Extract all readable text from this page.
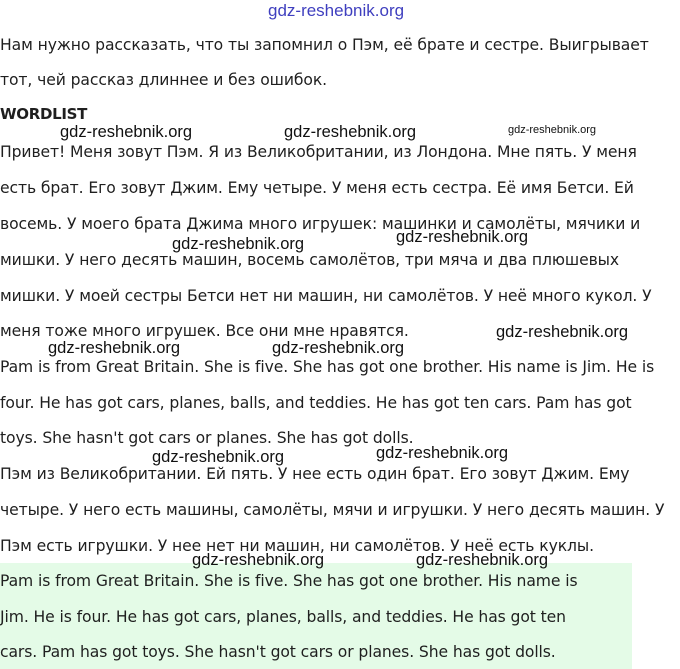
gdz-reshebnik.org

Нам нужно рассказать, что ты запомнил о Пэм, её брате и сестре. Выигрывает

тот, чей рассказ длиннее и без ошибок.

WORDLIST

Привет! Меня зовут Пэм. Я из Великобритании, из Лондона. Мне пять. У меня

есть брат. Его зовут Джим. Ему четыре. У меня есть сестра. Её имя Бетси. Ей

восемь. У моего брата Джима много игрушек: машинки и самолёты, мячики и

мишки. У него десять машин, восемь самолётов, три мяча и два плюшевых

мишки. У моей сестры Бетси нет ни машин, ни самолётов. У неё много кукол. У

меня тоже много игрушек. Все они мне нравятся.

Pam is from Great Britain. She is five. She has got one brother. His name is Jim. He is

four. He has got cars, planes, balls, and teddies. He has got ten cars. Pam has got

toys. She hasn't got cars or planes. She has got dolls.

Пэм из Великобритании. Ей пять. У нее есть один брат. Его зовут Джим. Ему

четыре. У него есть машины, самолёты, мячи и игрушки. У него десять машин. У

Пэм есть игрушки. У нее нет ни машин, ни самолётов. У неё есть куклы.

Pam is from Great Britain. She is five. She has got one brother. His name is

Jim. He is four. He has got cars, planes, balls, and teddies. He has got ten

cars. Pam has got toys. She hasn't got cars or planes. She has got dolls.

gdz-reshebnik.org	gdz-reshebnik.org	gdz-reshebnik.org
gdz-reshebnik.org	gdz-reshebnik.org
gdz-reshebnik.org
gdz-reshebnik.org	gdz-reshebnik.org
gdz-reshebnik.org	gdz-reshebnik.org
gdz-reshebnik.org	gdz-reshebnik.org
